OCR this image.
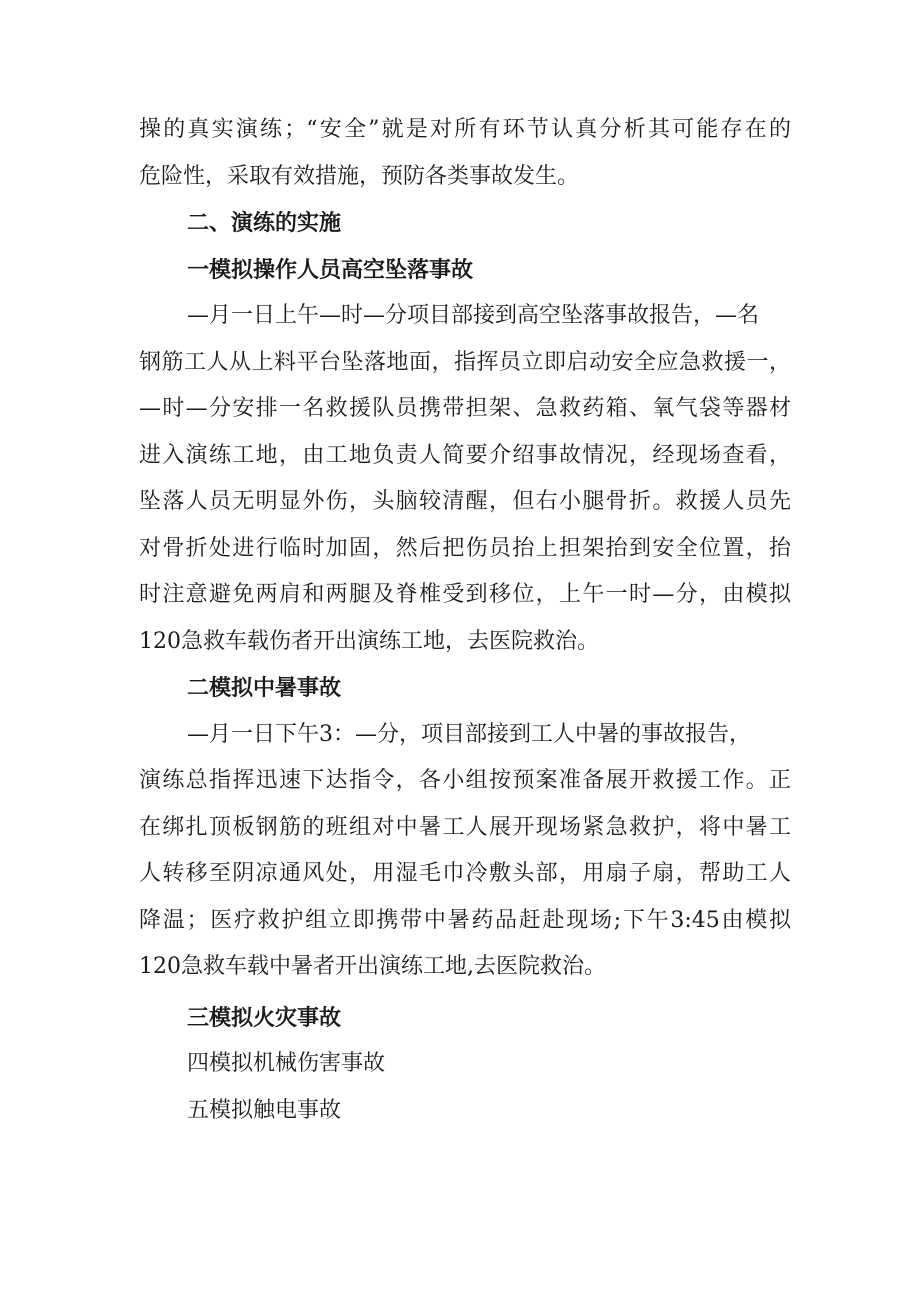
操的真实演练；“安全”就是对所有环节认真分析其可能存在的
危险性，采取有效措施，预防各类事故发生。
二、演练的实施
一模拟操作人员高空坠落事故
—月一日上午—时—分项目部接到高空坠落事故报告，—名
钢筋工人从上料平台坠落地面，指挥员立即启动安全应急救援一，
—时—分安排一名救援队员携带担架、急救药箱、氧气袋等器材
进入演练工地，由工地负责人简要介绍事故情况，经现场查看，
坠落人员无明显外伤，头脑较清醒，但右小腿骨折。救援人员先
对骨折处进行临时加固，然后把伤员抬上担架抬到安全位置，抬
时注意避免两肩和两腿及脊椎受到移位，上午一时—分，由模拟
120急救车载伤者开出演练工地，去医院救治。
二模拟中暑事故
—月一日下午3：—分，项目部接到工人中暑的事故报告，
演练总指挥迅速下达指令，各小组按预案准备展开救援工作。正
在绑扎顶板钢筋的班组对中暑工人展开现场紧急救护，将中暑工
人转移至阴凉通风处，用湿毛巾冷敷头部，用扇子扇，帮助工人
降温；医疗救护组立即携带中暑药品赶赴现场;下午3:45由模拟
120急救车载中暑者开出演练工地,去医院救治。
三模拟火灾事故
四模拟机械伤害事故
五模拟触电事故
